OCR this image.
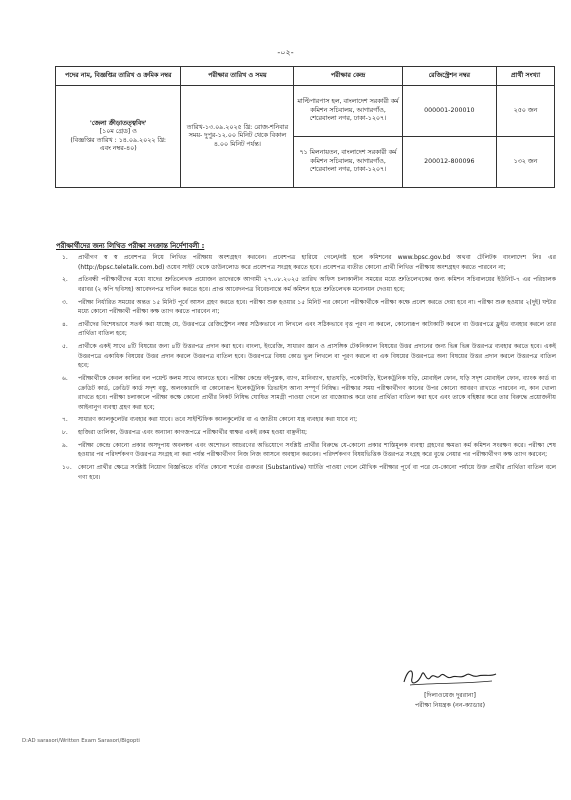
-০২-
পদের নাম, বিজ্ঞপ্তির তারিখ ও ক্রমিক নম্বর	পরীক্ষার তারিখ ও সময়	পরীক্ষার কেন্দ্র	রেজিস্ট্রেশন নম্বর	প্রার্থী সংখ্যা

'জেলা ক্রীড়াতত্ত্ববিদ'
[১০ম গ্রেড] ও
(বিজ্ঞপ্তির তারিখ : ১৪.০৯.২০২২ খ্রি:
এবং নম্বর-৪০)	তারিখ-১৩.০৯.২০২৫ খ্রি: রোজ-শনিবার সময়- দুপুর-১২.০০ মিনিট থেকে বিকাল ৪.০০ মিনিট পর্যন্ত।	মাল্টিপারপাস হল, বাংলাদেশ সরকারী কর্ম কমিশন সচিবালয়, আগারগাঁও, শেরেবাংলা নগর, ঢাকা-১২০৭।	000001-200010	২৫০ জন
		৭১ মিলনায়তন, বাংলাদেশ সরকারী কর্ম কমিশন সচিবালয়, আগারগাঁও, শেরেবাংলা নগর, ঢাকা-১২০৭।	200012-800096	১৩২ জন
পরীক্ষার্থীদের জন্য লিখিত পরীক্ষা সংক্রান্ত নির্দেশাবলী :
১.	প্রার্থীগণ স্ব স্ব প্রবেশপত্র নিয়ে লিখিত পরীক্ষায় অংশগ্রহণ করবেন। প্রবেশপত্র হারিয়ে গেলে/নষ্ট হলে কমিশনের www.bpsc.gov.bd অথবা টেলিটক বাংলাদেশ লিঃ এর (http://bpsc.teletalk.com.bd) ওয়েব সাইট থেকে ডাউনলোড করে প্রবেশপত্র সংগ্রহ করতে হবে। প্রবেশপত্র ব্যতীত কোনো প্রার্থী লিখিত পরীক্ষায় অংশগ্রহণ করতে পারবেন না;
২.	প্রতিবন্ধী পরীক্ষার্থীদের মধ্যে যাদের শ্রুতিলেখক প্রয়োজন তাদেরকে আগামী ২৭.০৮.২০২৫ তারিখ অফিস চলাকালীন সময়ের মধ্যে শ্রুতিলেখকের জন্য কমিশন সচিবালয়ের ইউনিট-৭ এর পরিচালক বরাবর (২ কপি ছবিসহ) আবেদনপত্র দাখিল করতে হবে। প্রাপ্ত আবেদনপত্র বিবেচনান্তে কর্ম কমিশন হতে শ্রুতিলেখক মনোনয়ন দেওয়া হবে;
৩.	পরীক্ষা নির্ধারিত সময়ের অন্তত ১৫ মিনিট পূর্বে আসন গ্রহণ করতে হবে। পরীক্ষা শুরু হওয়ার ১৫ মিনিট পর কোনো পরীক্ষার্থীকে পরীক্ষা কক্ষে প্রবেশ করতে দেয়া হবে না। পরীক্ষা শুরু হওয়ার ২(দুই) ঘন্টার মধ্যে কোনো পরীক্ষার্থী পরীক্ষা কক্ষ ত্যাগ করতে পারবেন না;
৪.	প্রার্থীদের বিশেষভাবে সতর্ক করা যাচ্ছে যে, উত্তরপত্রে রেজিস্ট্রেশন নম্বর সঠিকভাবে না লিখলে এবং সঠিকভাবে বৃত্ত পূরণ না করলে, কোনোরূপ কাটাকাটি করলে বা উত্তরপত্রে ফ্লুইড ব্যবহার করলে তার প্রার্থিতা বাতিল হবে;
৫.	প্রার্থীকে একই সাথে ৪টি বিষয়ের জন্য ৪টি উত্তরপত্র প্রদান করা হবে। বাংলা, ইংরেজি, সাধারণ জ্ঞান ও প্রাসঙ্গিক টেকনিক্যাল বিষয়ের উত্তর প্রদানের জন্য ভিন্ন ভিন্ন উত্তরপত্র ব্যবহার করতে হবে। একই উত্তরপত্রে একাধিক বিষয়ের উত্তর প্রদান করলে উত্তরপত্র বাতিল হবে। উত্তরপত্রে বিষয় কোড ভুল লিখলে বা পূরণ করলে বা এক বিষয়ের উত্তরপত্রে অন্য বিষয়ের উত্তর প্রদান করলে উত্তরপত্র বাতিল হবে;
৬.	পরীক্ষার্থীকে কেবল কালির বল পয়েন্ট কলম সাথে আনতে হবে। পরীক্ষা কেন্দ্রে বইপুস্তক, ব্যাগ, মানিব্যাগ, হাতঘড়ি, পকেটঘড়ি, ইলেকট্রনিক ঘড়ি, মোবাইল ফোন, ঘড়ি সদৃশ মোবাইল ফোন, ব্যাংক কার্ড বা ক্রেডিট কার্ড, ক্রেডিট কার্ড সদৃশ বস্তু, অলংকারাদি বা কোনোরূপ ইলেকট্রনিক ডিভাইস আনা সম্পূর্ণ নিষিদ্ধ। পরীক্ষার সময় পরীক্ষার্থীগণ কানের উপর কোনো আবরণ রাখতে পারবেন না, কান খোলা রাখতে হবে। পরীক্ষা চলাকালে পরীক্ষা কক্ষে কোনো প্রার্থীর নিকট নিষিদ্ধ ঘোষিত সামগ্রী পাওয়া গেলে তা বাজেয়াপ্ত করে তার প্রার্থিতা বাতিল করা হবে এবং তাকে বহিষ্কার করে তার বিরুদ্ধে প্রয়োজনীয় আইনানুগ ব্যবস্থা গ্রহণ করা হবে;
৭.	সাধারণ ক্যালকুলেটর ব্যবহার করা যাবে। তবে সাইন্টিফিক ক্যালকুলেটর বা এ জাতীয় কোনো যন্ত্র ব্যবহার করা যাবে না;
৮.	হাজিরা তালিকা, উত্তরপত্র এবং অন্যান্য কাগজপত্রে পরীক্ষার্থীর স্বাক্ষর একই রকম হওয়া বাঞ্ছনীয়;
৯.	পরীক্ষা কেন্দ্রে কোনো প্রকার অসদুপায় অবলম্বন এবং অশোভন আচরণের অভিযোগে সংশ্লিষ্ট প্রার্থীর বিরুদ্ধে যে-কোনো প্রকার শাস্তিমূলক ব্যবস্থা গ্রহণের ক্ষমতা কর্ম কমিশন সংরক্ষণ করে। পরীক্ষা শেষ হওয়ার পর পরিদর্শকগণ উত্তরপত্র সংগ্রহ না করা পর্যন্ত পরীক্ষার্থীগণ নিজ নিজ আসনে অবস্থান করবেন। পরিদর্শকগণ বিষয়ভিত্তিক উত্তরপত্র সংগ্রহ করে বুঝে নেয়ার পর পরীক্ষার্থীগণ কক্ষ ত্যাগ করবেন;
১০.	কোনো প্রার্থীর ক্ষেত্রে সংশ্লিষ্ট নিয়োগ বিজ্ঞপ্তিতে বর্ণিত কোনো শর্তের গুরুতর (Substantive) ঘাটতি পাওয়া গেলে মৌখিক পরীক্ষার পূর্বে বা পরে যে-কোনো পর্যায়ে উক্ত প্রার্থীর প্রার্থিতা বাতিল বলে গণ্য হবে।
[দিলাওয়েজ দুররানা]
পরীক্ষা নিয়ন্ত্রক (নন-ক্যাডার)
D:AD sarasori/Written Exam Sarasori/Bigopti
